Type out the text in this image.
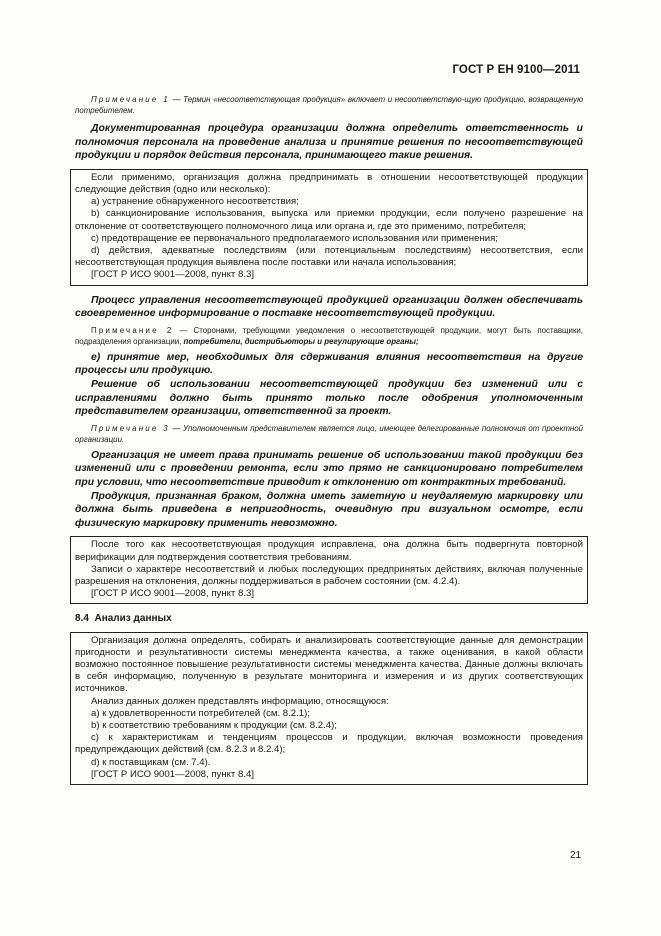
ГОСТ Р ЕН 9100—2011

Примечание 1 — Термин «несоответствующая продукция» включает и несоответствую-щую продукцию, возвращенную потребителем.

Документированная процедура организации должна определить ответственность и полномочия персонала на проведение анализа и принятие решения по несоответствующей продукции и порядок действия персонала, принимающего такие решения.

Если применимо, организация должна предпринимать в отношении несоответствующей продукции следующие действия (одно или несколько):

a) устранение обнаруженного несоответствия;

b) санкционирование использования, выпуска или приемки продукции, если получено разрешение на отклонение от соответствующего полномочного лица или органа и, где это применимо, потребителя;

c) предотвращение ее первоначального предполагаемого использования или применения;

d) действия, адекватные последствиям (или потенциальным последствиям) несоответствия, если несоответствующая продукция выявлена после поставки или начала использования;

[ГОСТ Р ИСО 9001—2008, пункт 8.3]

Процесс управления несоответствующей продукцией организации должен обеспечивать своевременное информирование о поставке несоответствующей продукции.

Примечание 2 — Сторонами, требующими уведомления о несоответствующей продукции, могут быть поставщики, подразделения организации, потребители, дистрибьюторы и регулирующие органы;

e) принятие мер, необходимых для сдерживания влияния несоответствия на другие процессы или продукцию.

Решение об использовании несоответствующей продукции без изменений или с исправлениями должно быть принято только после одобрения уполномоченным представителем организации, ответственной за проект.

Примечание 3 — Уполномоченным представителем является лицо, имеющее делегированные полномочия от проектной организации.

Организация не имеет права принимать решение об использовании такой продукции без изменений или с проведении ремонта, если это прямо не санкционировано потребителем при условии, что несоответствие приводит к отклонению от контрактных требований.

Продукция, признанная браком, должна иметь заметную и неудаляемую маркировку или должна быть приведена в непригодность, очевидную при визуальном осмотре, если физическую маркировку применить невозможно.

После того как несоответствующая продукция исправлена, она должна быть подвергнута повторной верификации для подтверждения соответствия требованиям.

Записи о характере несоответствий и любых последующих предпринятых действиях, включая полученные разрешения на отклонения, должны поддерживаться в рабочем состоянии (см. 4.2.4).

[ГОСТ Р ИСО 9001—2008, пункт 8.3]

8.4 Анализ данных

Организация должна определять, собирать и анализировать соответствующие данные для демонстрации пригодности и результативности системы менеджмента качества, а также оценивания, в какой области возможно постоянное повышение результативности системы менеджмента качества. Данные должны включать в себя информацию, полученную в результате мониторинга и измерения и из других соответствующих источников.

Анализ данных должен представлять информацию, относящуюся:

a) к удовлетворенности потребителей (см. 8.2.1);

b) к соответствию требованиям к продукции (см. 8.2.4);

c) к характеристикам и тенденциям процессов и продукции, включая возможности проведения предупреждающих действий (см. 8.2.3 и 8.2.4);

d) к поставщикам (см. 7.4).

[ГОСТ Р ИСО 9001—2008, пункт 8.4]

21
